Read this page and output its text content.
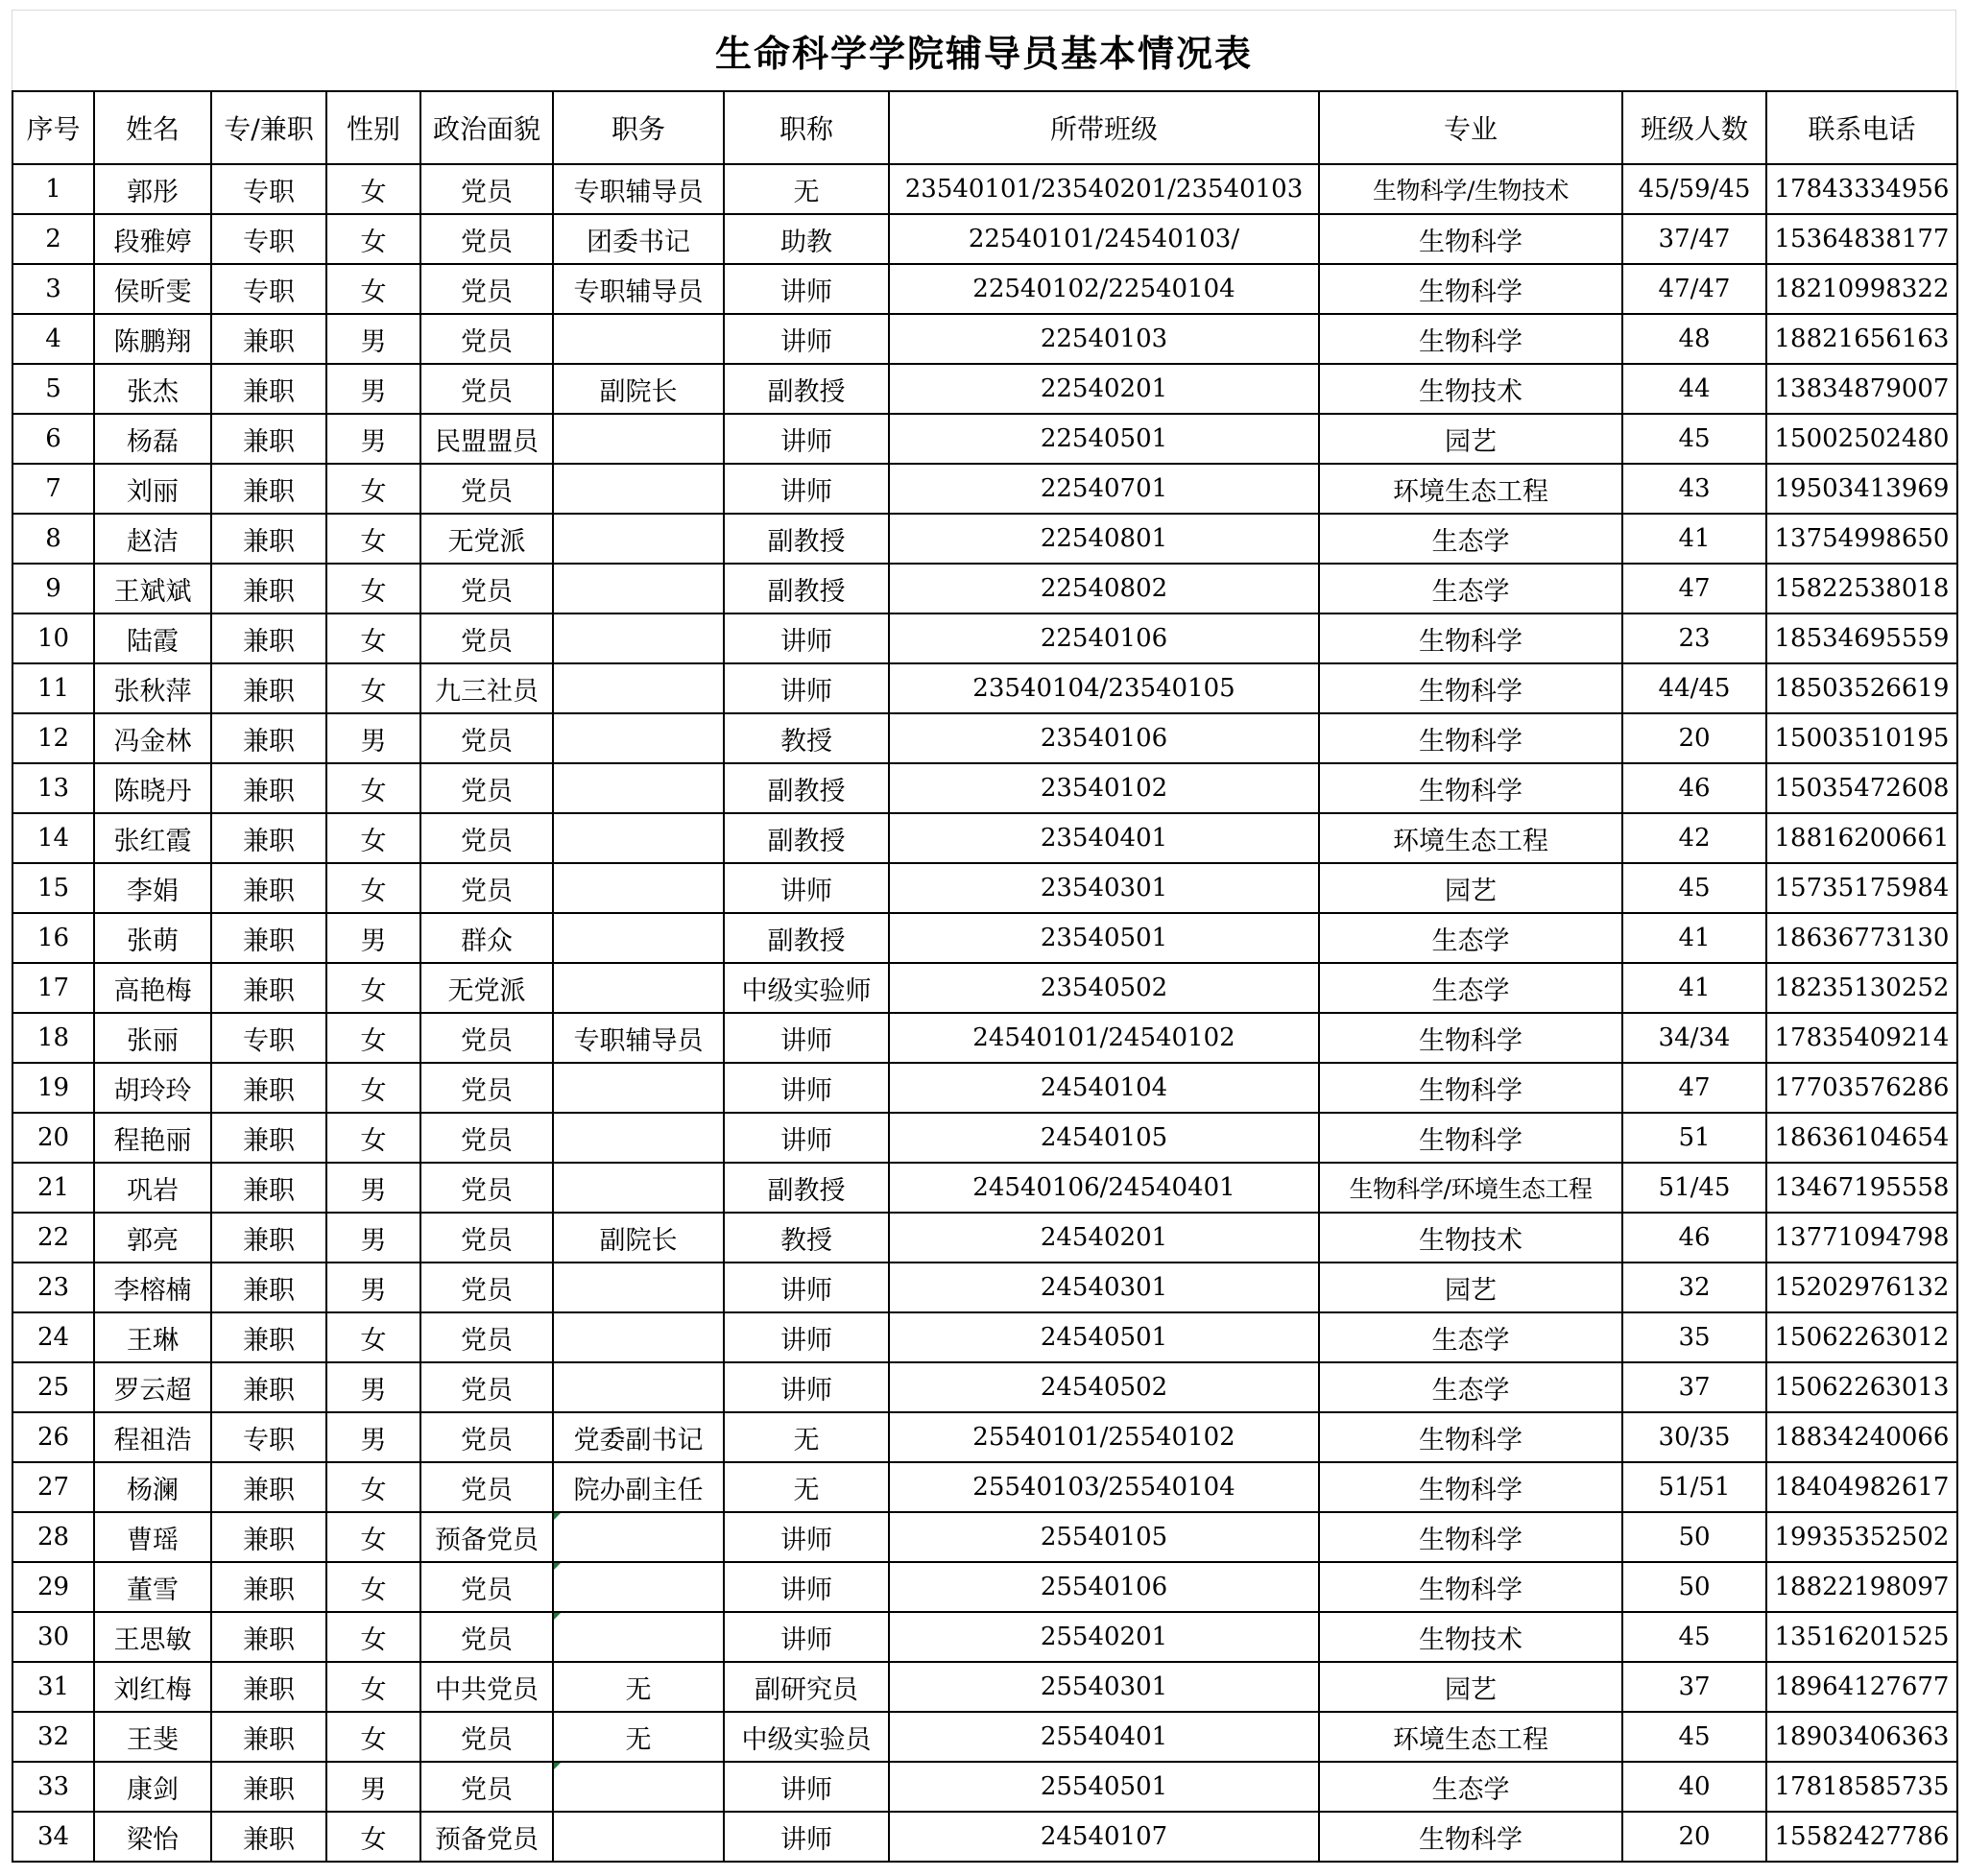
生命科学学院辅导员基本情况表
序号	姓名	专/兼职	性别	政治面貌	职务	职称	所带班级	专业	班级人数	联系电话
1	郭彤	专职	女	党员	专职辅导员	无	23540101/23540201/23540103	生物科学/生物技术	45/59/45	17843334956
2	段雅婷	专职	女	党员	团委书记	助教	22540101/24540103/	生物科学	37/47	15364838177
3	侯昕雯	专职	女	党员	专职辅导员	讲师	22540102/22540104	生物科学	47/47	18210998322
4	陈鹏翔	兼职	男	党员		讲师	22540103	生物科学	48	18821656163
5	张杰	兼职	男	党员	副院长	副教授	22540201	生物技术	44	13834879007
6	杨磊	兼职	男	民盟盟员		讲师	22540501	园艺	45	15002502480
7	刘丽	兼职	女	党员		讲师	22540701	环境生态工程	43	19503413969
8	赵洁	兼职	女	无党派		副教授	22540801	生态学	41	13754998650
9	王斌斌	兼职	女	党员		副教授	22540802	生态学	47	15822538018
10	陆霞	兼职	女	党员		讲师	22540106	生物科学	23	18534695559
11	张秋萍	兼职	女	九三社员		讲师	23540104/23540105	生物科学	44/45	18503526619
12	冯金林	兼职	男	党员		教授	23540106	生物科学	20	15003510195
13	陈晓丹	兼职	女	党员		副教授	23540102	生物科学	46	15035472608
14	张红霞	兼职	女	党员		副教授	23540401	环境生态工程	42	18816200661
15	李娟	兼职	女	党员		讲师	23540301	园艺	45	15735175984
16	张萌	兼职	男	群众		副教授	23540501	生态学	41	18636773130
17	高艳梅	兼职	女	无党派		中级实验师	23540502	生态学	41	18235130252
18	张丽	专职	女	党员	专职辅导员	讲师	24540101/24540102	生物科学	34/34	17835409214
19	胡玲玲	兼职	女	党员		讲师	24540104	生物科学	47	17703576286
20	程艳丽	兼职	女	党员		讲师	24540105	生物科学	51	18636104654
21	巩岩	兼职	男	党员		副教授	24540106/24540401	生物科学/环境生态工程	51/45	13467195558
22	郭亮	兼职	男	党员	副院长	教授	24540201	生物技术	46	13771094798
23	李榕楠	兼职	男	党员		讲师	24540301	园艺	32	15202976132
24	王琳	兼职	女	党员		讲师	24540501	生态学	35	15062263012
25	罗云超	兼职	男	党员		讲师	24540502	生态学	37	15062263013
26	程祖浩	专职	男	党员	党委副书记	无	25540101/25540102	生物科学	30/35	18834240066
27	杨澜	兼职	女	党员	院办副主任	无	25540103/25540104	生物科学	51/51	18404982617
28	曹瑶	兼职	女	预备党员		讲师	25540105	生物科学	50	19935352502
29	董雪	兼职	女	党员		讲师	25540106	生物科学	50	18822198097
30	王思敏	兼职	女	党员		讲师	25540201	生物技术	45	13516201525
31	刘红梅	兼职	女	中共党员	无	副研究员	25540301	园艺	37	18964127677
32	王斐	兼职	女	党员	无	中级实验员	25540401	环境生态工程	45	18903406363
33	康剑	兼职	男	党员		讲师	25540501	生态学	40	17818585735
34	梁怡	兼职	女	预备党员		讲师	24540107	生物科学	20	15582427786
